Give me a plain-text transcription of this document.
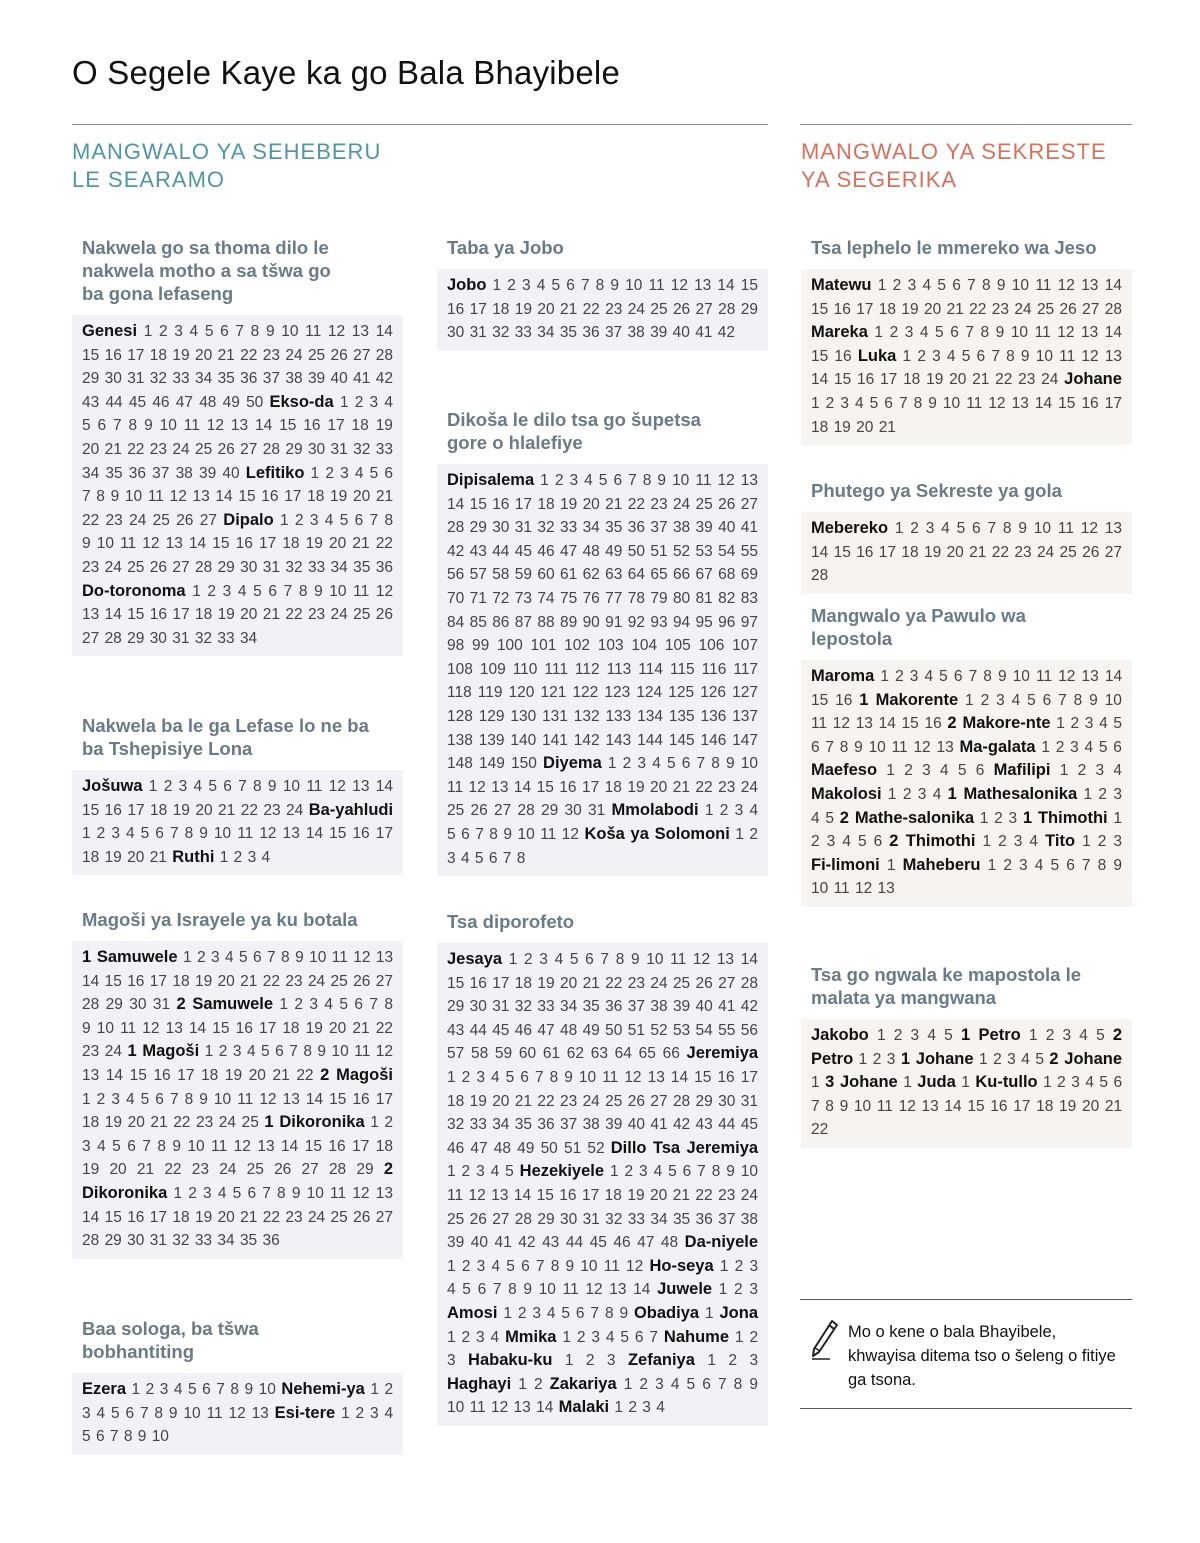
O Segele Kaye ka go Bala Bhayibele
MANGWALO YA SEHEBERU
LE SEARAMO
MANGWALO YA SEKRESTE
YA SEGERIKA
Nakwela go sa thoma dilo le nakwela motho a sa tšwa go ba gona lefaseng
Genesi 1 2 3 4 5 6 7 8 9 10 11 12 13 14 15 16 17 18 19 20 21 22 23 24 25 26 27 28 29 30 31 32 33 34 35 36 37 38 39 40 41 42 43 44 45 46 47 48 49 50 Ekso-da 1 2 3 4 5 6 7 8 9 10 11 12 13 14 15 16 17 18 19 20 21 22 23 24 25 26 27 28 29 30 31 32 33 34 35 36 37 38 39 40 Lefitiko 1 2 3 4 5 6 7 8 9 10 11 12 13 14 15 16 17 18 19 20 21 22 23 24 25 26 27 Dipalo 1 2 3 4 5 6 7 8 9 10 11 12 13 14 15 16 17 18 19 20 21 22 23 24 25 26 27 28 29 30 31 32 33 34 35 36 Do-toronoma 1 2 3 4 5 6 7 8 9 10 11 12 13 14 15 16 17 18 19 20 21 22 23 24 25 26 27 28 29 30 31 32 33 34
Nakwela ba le ga Lefase lo ne ba ba Tshepisiye Lona
Jošuwa 1 2 3 4 5 6 7 8 9 10 11 12 13 14 15 16 17 18 19 20 21 22 23 24 Ba-yahludi 1 2 3 4 5 6 7 8 9 10 11 12 13 14 15 16 17 18 19 20 21 Ruthi 1 2 3 4
Magoši ya Israyele ya ku botala
1 Samuwele 1 2 3 4 5 6 7 8 9 10 11 12 13 14 15 16 17 18 19 20 21 22 23 24 25 26 27 28 29 30 31 2 Samuwele 1 2 3 4 5 6 7 8 9 10 11 12 13 14 15 16 17 18 19 20 21 22 23 24 1 Magoši 1 2 3 4 5 6 7 8 9 10 11 12 13 14 15 16 17 18 19 20 21 22 2 Magoši 1 2 3 4 5 6 7 8 9 10 11 12 13 14 15 16 17 18 19 20 21 22 23 24 25 1 Dikoronika 1 2 3 4 5 6 7 8 9 10 11 12 13 14 15 16 17 18 19 20 21 22 23 24 25 26 27 28 29 2 Dikoronika 1 2 3 4 5 6 7 8 9 10 11 12 13 14 15 16 17 18 19 20 21 22 23 24 25 26 27 28 29 30 31 32 33 34 35 36
Baa sologa, ba tšwa bobhantiting
Ezera 1 2 3 4 5 6 7 8 9 10 Nehemi-ya 1 2 3 4 5 6 7 8 9 10 11 12 13 Esi-tere 1 2 3 4 5 6 7 8 9 10
Taba ya Jobo
Jobo 1 2 3 4 5 6 7 8 9 10 11 12 13 14 15 16 17 18 19 20 21 22 23 24 25 26 27 28 29 30 31 32 33 34 35 36 37 38 39 40 41 42
Dikoša le dilo tsa go šupetsa gore o hlalefiye
Dipisalema 1 2 3 4 5 6 7 8 9 10 11 12 13 14 15 16 17 18 19 20 21 22 23 24 25 26 27 28 29 30 31 32 33 34 35 36 37 38 39 40 41 42 43 44 45 46 47 48 49 50 51 52 53 54 55 56 57 58 59 60 61 62 63 64 65 66 67 68 69 70 71 72 73 74 75 76 77 78 79 80 81 82 83 84 85 86 87 88 89 90 91 92 93 94 95 96 97 98 99 100 101 102 103 104 105 106 107 108 109 110 111 112 113 114 115 116 117 118 119 120 121 122 123 124 125 126 127 128 129 130 131 132 133 134 135 136 137 138 139 140 141 142 143 144 145 146 147 148 149 150 Diyema 1 2 3 4 5 6 7 8 9 10 11 12 13 14 15 16 17 18 19 20 21 22 23 24 25 26 27 28 29 30 31 Mmolabodi 1 2 3 4 5 6 7 8 9 10 11 12 Koša ya Solomoni 1 2 3 4 5 6 7 8
Tsa diporofeto
Jesaya 1 2 3 4 5 6 7 8 9 10 11 12 13 14 15 16 17 18 19 20 21 22 23 24 25 26 27 28 29 30 31 32 33 34 35 36 37 38 39 40 41 42 43 44 45 46 47 48 49 50 51 52 53 54 55 56 57 58 59 60 61 62 63 64 65 66 Jeremiya 1 2 3 4 5 6 7 8 9 10 11 12 13 14 15 16 17 18 19 20 21 22 23 24 25 26 27 28 29 30 31 32 33 34 35 36 37 38 39 40 41 42 43 44 45 46 47 48 49 50 51 52 Dillo Tsa Jeremiya 1 2 3 4 5 Hezekiyele 1 2 3 4 5 6 7 8 9 10 11 12 13 14 15 16 17 18 19 20 21 22 23 24 25 26 27 28 29 30 31 32 33 34 35 36 37 38 39 40 41 42 43 44 45 46 47 48 Da-niyele 1 2 3 4 5 6 7 8 9 10 11 12 Ho-seya 1 2 3 4 5 6 7 8 9 10 11 12 13 14 Juwele 1 2 3 Amosi 1 2 3 4 5 6 7 8 9 Obadiya 1 Jona 1 2 3 4 Mmika 1 2 3 4 5 6 7 Nahume 1 2 3 Habaku-ku 1 2 3 Zefaniya 1 2 3 Haghayi 1 2 Zakariya 1 2 3 4 5 6 7 8 9 10 11 12 13 14 Malaki 1 2 3 4
Tsa lephelo le mmereko wa Jeso
Matewu 1 2 3 4 5 6 7 8 9 10 11 12 13 14 15 16 17 18 19 20 21 22 23 24 25 26 27 28 Mareka 1 2 3 4 5 6 7 8 9 10 11 12 13 14 15 16 Luka 1 2 3 4 5 6 7 8 9 10 11 12 13 14 15 16 17 18 19 20 21 22 23 24 Johane 1 2 3 4 5 6 7 8 9 10 11 12 13 14 15 16 17 18 19 20 21
Phutego ya Sekreste ya gola
Mebereko 1 2 3 4 5 6 7 8 9 10 11 12 13 14 15 16 17 18 19 20 21 22 23 24 25 26 27 28
Mangwalo ya Pawulo wa lepostola
Maroma 1 2 3 4 5 6 7 8 9 10 11 12 13 14 15 16 1 Makorente 1 2 3 4 5 6 7 8 9 10 11 12 13 14 15 16 2 Makore-nte 1 2 3 4 5 6 7 8 9 10 11 12 13 Ma-galata 1 2 3 4 5 6 Maefeso 1 2 3 4 5 6 Mafilipi 1 2 3 4 Makolosi 1 2 3 4 1 Mathesalonika 1 2 3 4 5 2 Mathe-salonika 1 2 3 1 Thimothi 1 2 3 4 5 6 2 Thimothi 1 2 3 4 Tito 1 2 3 Fi-limoni 1 Maheberu 1 2 3 4 5 6 7 8 9 10 11 12 13
Tsa go ngwala ke mapostola le malata ya mangwana
Jakobo 1 2 3 4 5 1 Petro 1 2 3 4 5 2 Petro 1 2 3 1 Johane 1 2 3 4 5 2 Johane 1 3 Johane 1 Juda 1 Ku-tullo 1 2 3 4 5 6 7 8 9 10 11 12 13 14 15 16 17 18 19 20 21 22
Mo o kene o bala Bhayibele, khwayisa ditema tso o šeleng o fitiye ga tsona.
